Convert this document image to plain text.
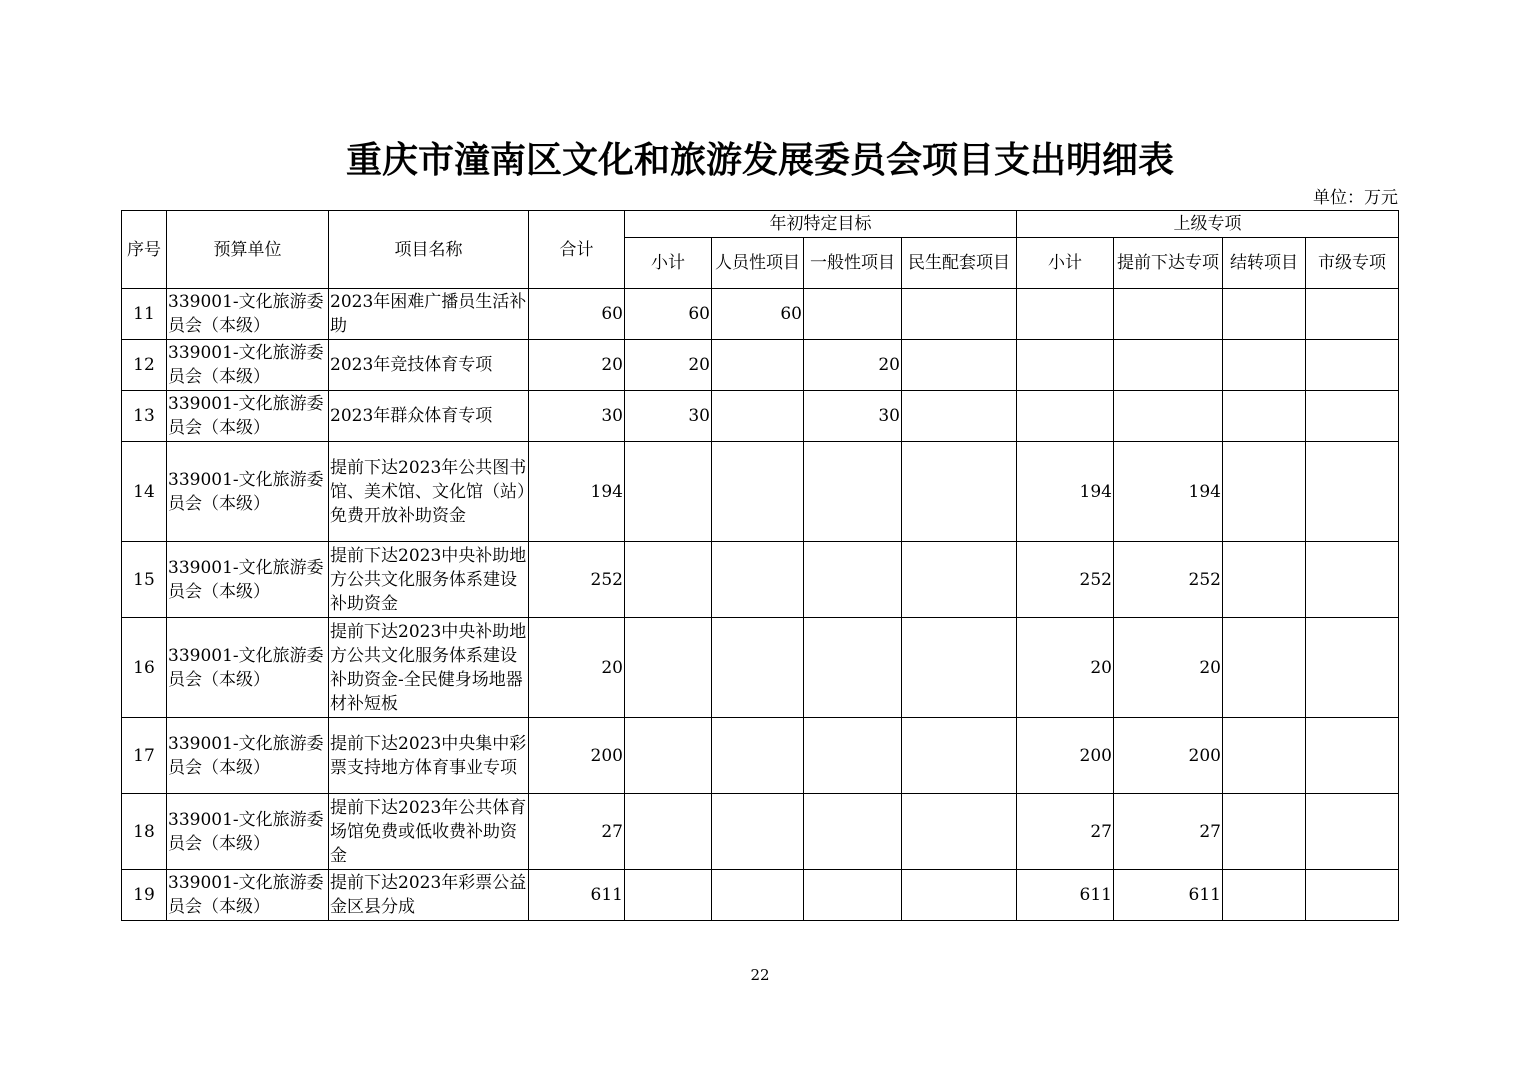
重庆市潼南区文化和旅游发展委员会项目支出明细表
单位：万元
序号	预算单位	项目名称	合计	年初特定目标				上级专项			
				小计	人员性项目	一般性项目	民生配套项目	小计	提前下达专项	结转项目	市级专项
11	339001-文化旅游委员会（本级）	2023年困难广播员生活补助	60	60	60						
12	339001-文化旅游委员会（本级）	2023年竞技体育专项	20	20		20					
13	339001-文化旅游委员会（本级）	2023年群众体育专项	30	30		30					
14	339001-文化旅游委员会（本级）	提前下达2023年公共图书馆、美术馆、文化馆（站）免费开放补助资金	194					194	194		
15	339001-文化旅游委员会（本级）	提前下达2023中央补助地方公共文化服务体系建设补助资金	252					252	252		
16	339001-文化旅游委员会（本级）	提前下达2023中央补助地方公共文化服务体系建设补助资金-全民健身场地器材补短板	20					20	20		
17	339001-文化旅游委员会（本级）	提前下达2023中央集中彩票支持地方体育事业专项	200					200	200		
18	339001-文化旅游委员会（本级）	提前下达2023年公共体育场馆免费或低收费补助资金	27					27	27		
19	339001-文化旅游委员会（本级）	提前下达2023年彩票公益金区县分成	611					611	611		
22
